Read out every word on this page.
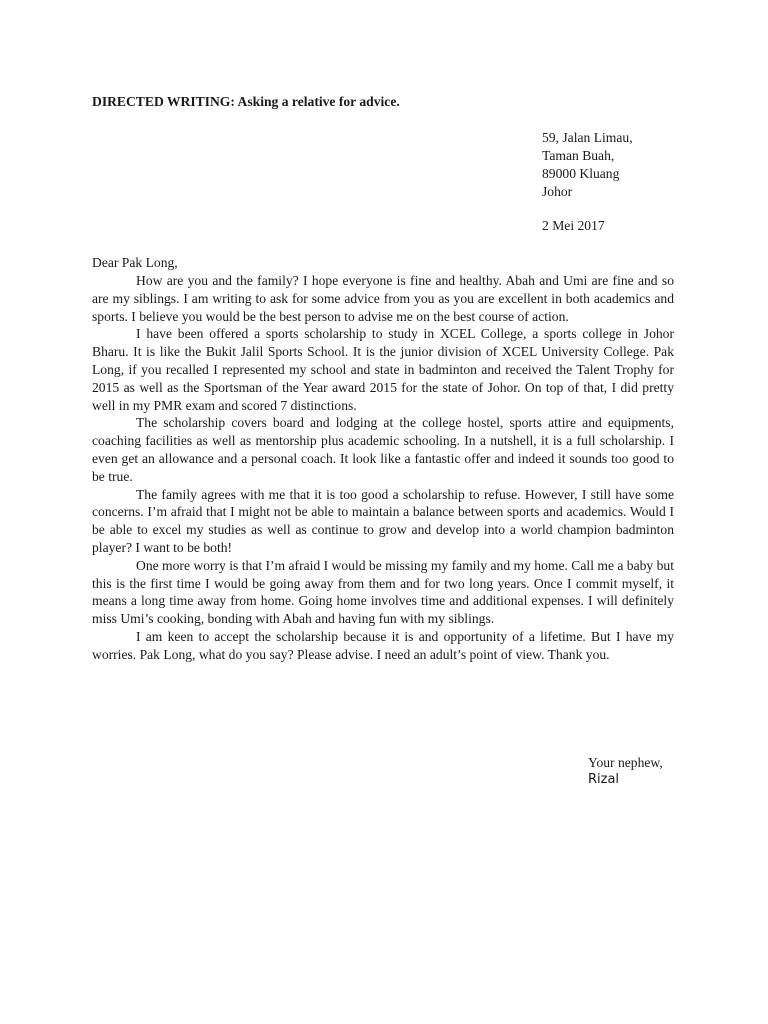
DIRECTED WRITING: Asking a relative for advice.
59, Jalan Limau,
Taman Buah,
89000 Kluang
Johor
2 Mei 2017
Dear Pak Long,

How are you and the family? I hope everyone is fine and healthy. Abah and Umi are fine and so are my siblings. I am writing to ask for some advice from you as you are excellent in both academics and sports. I believe you would be the best person to advise me on the best course of action.

I have been offered a sports scholarship to study in XCEL College, a sports college in Johor Bharu. It is like the Bukit Jalil Sports School. It is the junior division of XCEL University College. Pak Long, if you recalled I represented my school and state in badminton and received the Talent Trophy for 2015 as well as the Sportsman of the Year award 2015 for the state of Johor. On top of that, I did pretty well in my PMR exam and scored 7 distinctions.

The scholarship covers board and lodging at the college hostel, sports attire and equipments, coaching facilities as well as mentorship plus academic schooling. In a nutshell, it is a full scholarship. I even get an allowance and a personal coach. It look like a fantastic offer and indeed it sounds too good to be true.

The family agrees with me that it is too good a scholarship to refuse. However, I still have some concerns. I’m afraid that I might not be able to maintain a balance between sports and academics. Would I be able to excel my studies as well as continue to grow and develop into a world champion badminton player? I want to be both!

One more worry is that I’m afraid I would be missing my family and my home. Call me a baby but this is the first time I would be going away from them and for two long years. Once I commit myself, it means a long time away from home. Going home involves time and additional expenses. I will definitely miss Umi’s cooking, bonding with Abah and having fun with my siblings.

I am keen to accept the scholarship because it is and opportunity of a lifetime. But I have my worries. Pak Long, what do you say? Please advise. I need an adult’s point of view. Thank you.

Your nephew,
Rizal
